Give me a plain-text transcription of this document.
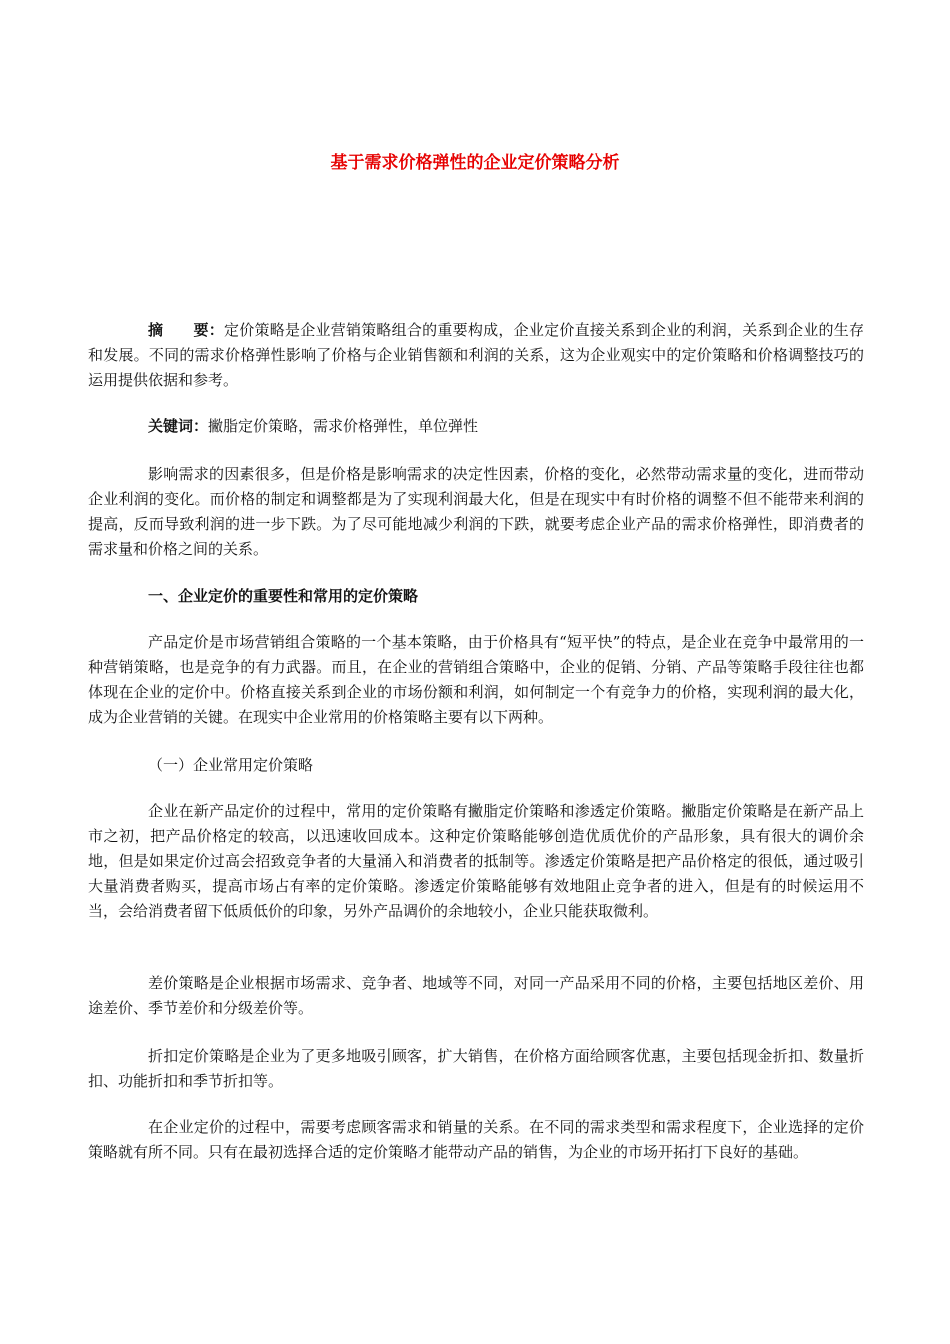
基于需求价格弹性的企业定价策略分析
摘 要：定价策略是企业营销策略组合的重要构成，企业定价直接关系到企业的利润，关系到企业的生存和发展。不同的需求价格弹性影响了价格与企业销售额和利润的关系，这为企业观实中的定价策略和价格调整技巧的运用提供依据和参考。
关键词：撇脂定价策略，需求价格弹性，单位弹性
影响需求的因素很多，但是价格是影响需求的决定性因素，价格的变化，必然带动需求量的变化，进而带动企业利润的变化。而价格的制定和调整都是为了实现利润最大化，但是在现实中有时价格的调整不但不能带来利润的提高，反而导致利润的进一步下跌。为了尽可能地减少利润的下跌，就要考虑企业产品的需求价格弹性，即消费者的需求量和价格之间的关系。
一、企业定价的重要性和常用的定价策略
产品定价是市场营销组合策略的一个基本策略，由于价格具有“短平快”的特点，是企业在竞争中最常用的一种营销策略，也是竞争的有力武器。而且，在企业的营销组合策略中，企业的促销、分销、产品等策略手段往往也都体现在企业的定价中。价格直接关系到企业的市场份额和利润，如何制定一个有竞争力的价格，实现利润的最大化，成为企业营销的关键。在现实中企业常用的价格策略主要有以下两种。
（一）企业常用定价策略
企业在新产品定价的过程中，常用的定价策略有撇脂定价策略和渗透定价策略。撇脂定价策略是在新产品上市之初，把产品价格定的较高，以迅速收回成本。这种定价策略能够创造优质优价的产品形象，具有很大的调价余地，但是如果定价过高会招致竞争者的大量涌入和消费者的抵制等。渗透定价策略是把产品价格定的很低，通过吸引大量消费者购买，提高市场占有率的定价策略。渗透定价策略能够有效地阻止竞争者的进入，但是有的时候运用不当，会给消费者留下低质低价的印象，另外产品调价的余地较小，企业只能获取微利。
差价策略是企业根据市场需求、竞争者、地域等不同，对同一产品采用不同的价格，主要包括地区差价、用途差价、季节差价和分级差价等。
折扣定价策略是企业为了更多地吸引顾客，扩大销售，在价格方面给顾客优惠，主要包括现金折扣、数量折扣、功能折扣和季节折扣等。
在企业定价的过程中，需要考虑顾客需求和销量的关系。在不同的需求类型和需求程度下，企业选择的定价策略就有所不同。只有在最初选择合适的定价策略才能带动产品的销售，为企业的市场开拓打下良好的基础。
